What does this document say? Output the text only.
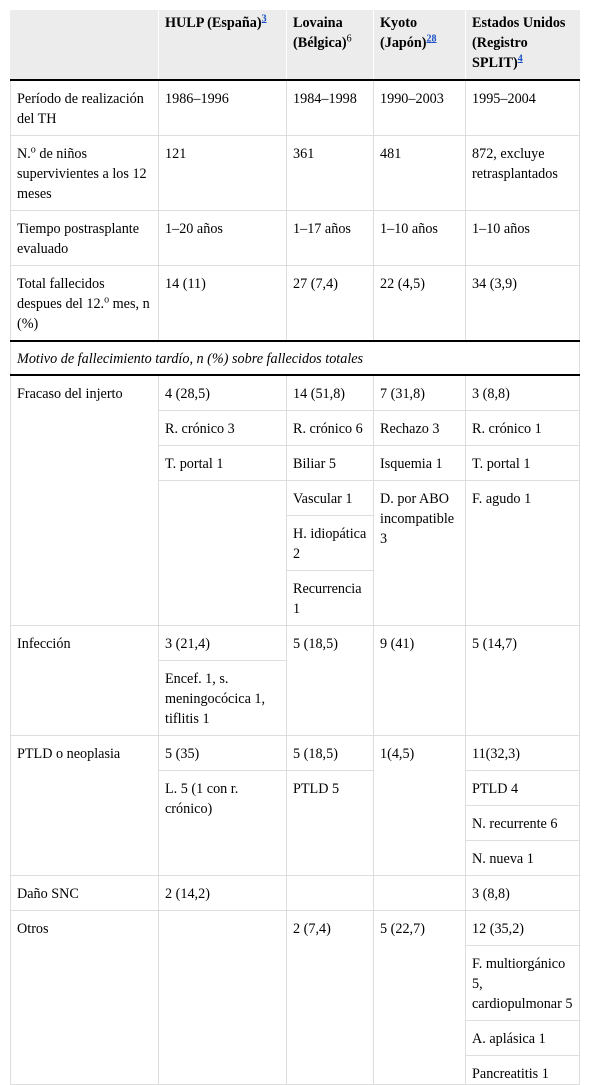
	HULP (España)$^3$	Lovaina (Bélgica)$^6$	Kyoto (Japón)$^{28}$	Estados Unidos (Registro SPLIT)$^4$
Período de realización del TH	1986–1996	1984–1998	1990–2003	1995–2004
N.$^o$ de niños supervivientes a los 12 meses	121	361	481	872, excluye retrasplantados
Tiempo postrasplante evaluado	1–20 años	1–17 años	1–10 años	1–10 años
Total fallecidos despues del 12.$^o$ mes, n (%)	14 (11)	27 (7,4)	22 (4,5)	34 (3,9)
Motivo de fallecimiento tardío, n (%) sobre fallecidos totales				
Fracaso del injerto	4 (28,5)	14 (51,8)	7 (31,8)	3 (8,8)
	R. crónico 3	R. crónico 6	Rechazo 3	R. crónico 1
	T. portal 1	Biliar 5	Isquemia 1	T. portal 1
		Vascular 1	D. por ABO incompatible 3	F. agudo 1
		H. idiopática 2		
		Recurrencia 1		
Infección	3 (21,4)	5 (18,5)	9 (41)	5 (14,7)
	Encef. 1, s. meningocócica 1, tiflitis 1			
PTLD o neoplasia	5 (35)	5 (18,5)	1(4,5)	11(32,3)
	L. 5 (1 con r. crónico)	PTLD 5		PTLD 4
				N. recurrente 6
				N. nueva 1
Daño SNC	2 (14,2)			3 (8,8)
Otros		2 (7,4)	5 (22,7)	12 (35,2)
				F. multiorgánico 5, cardiopulmonar 5
				A. aplásica 1
				Pancreatitis 1
